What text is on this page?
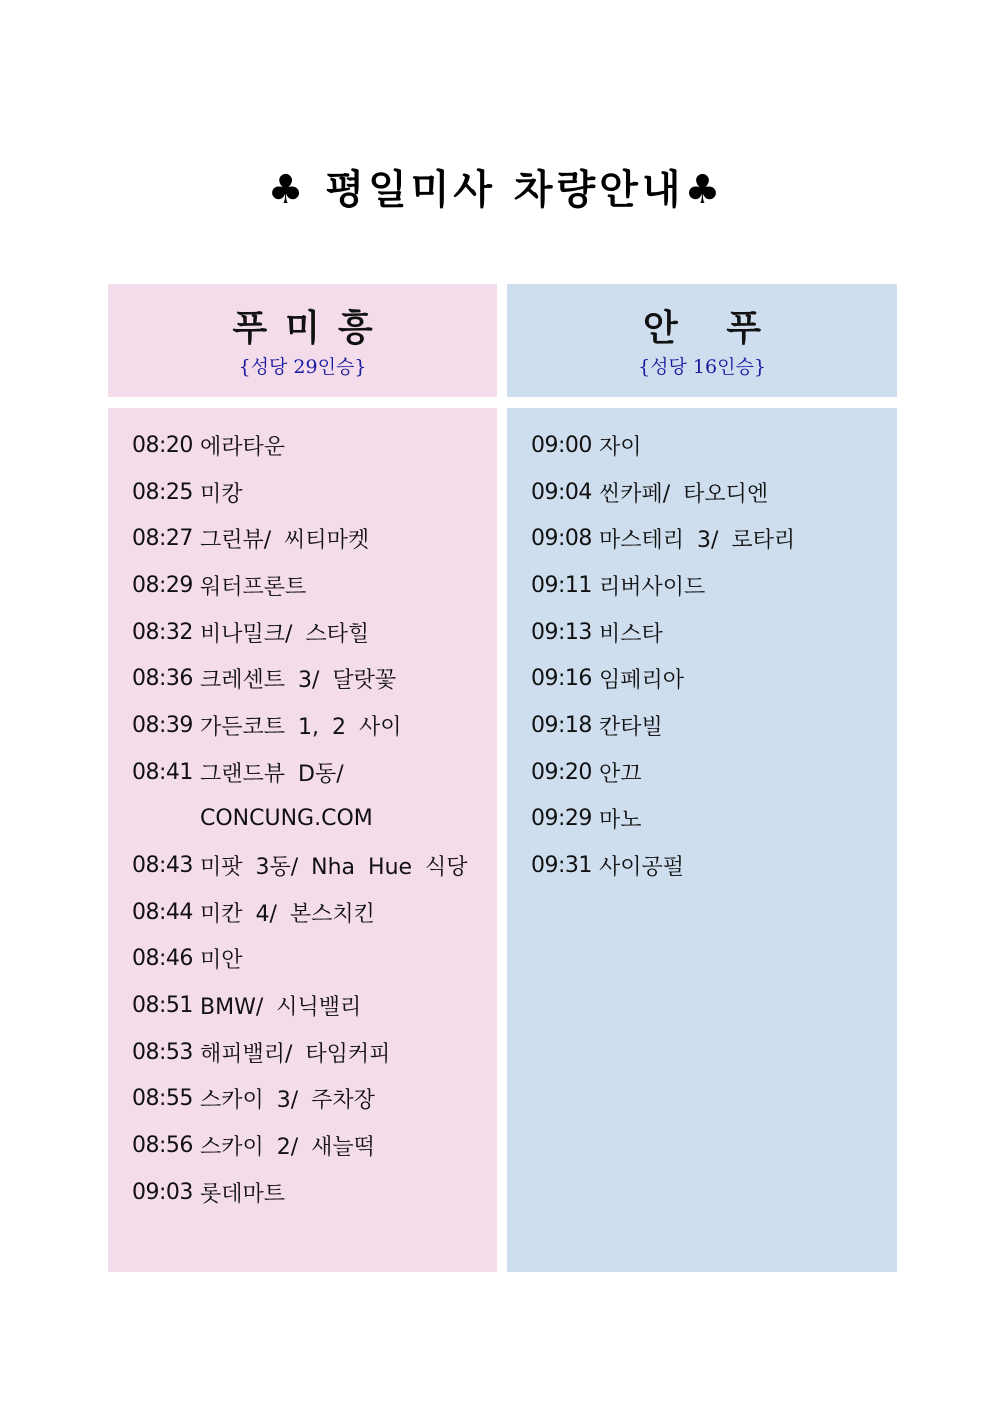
♣ 평일미사 차량안내♣
푸미흥
{성당 29인승}
안 푸
{성당 16인승}
08:20 에라타운
08:25 미캉
08:27 그린뷰/ 씨티마켓
08:29 워터프론트
08:32 비나밀크/ 스타힐
08:36 크레센트 3/ 달랏꽃
08:39 가든코트 1, 2 사이
08:41 그랜드뷰 D동/
CONCUNG.COM
08:43 미팟 3동/ Nha Hue 식당
08:44 미칸 4/ 본스치킨
08:46 미안
08:51 BMW/ 시닉밸리
08:53 해피밸리/ 타임커피
08:55 스카이 3/ 주차장
08:56 스카이 2/ 새늘떡
09:03 롯데마트
09:00 자이
09:04 씬카페/ 타오디엔
09:08 마스테리 3/ 로타리
09:11 리버사이드
09:13 비스타
09:16 임페리아
09:18 칸타빌
09:20 안끄
09:29 마노
09:31 사이공펄
